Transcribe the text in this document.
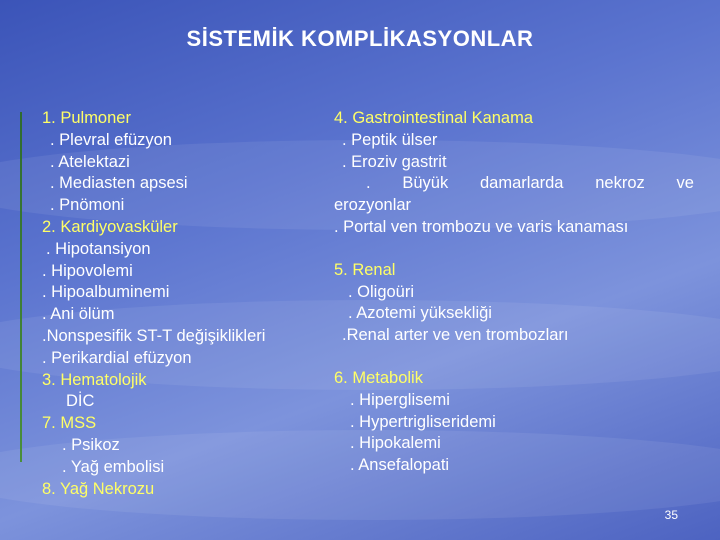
SİSTEMİK KOMPLİKASYONLAR
1. Pulmoner
. Plevral efüzyon
. Atelektazi
. Mediasten apsesi
. Pnömoni
2. Kardiyovasküler
. Hipotansiyon
. Hipovolemi
. Hipoalbuminemi
. Ani ölüm
.Nonspesifik ST-T değişiklikleri
. Perikardial efüzyon
3. Hematolojik
DİC
7. MSS
. Psikoz
. Yağ embolisi
8. Yağ Nekrozu
4. Gastrointestinal Kanama
. Peptik ülser
. Eroziv gastrit
. Büyük damarlarda nekroz ve
erozyonlar
. Portal ven trombozu ve varis kanaması
5. Renal
. Oligoüri
. Azotemi yüksekliği
.Renal arter ve ven trombozları
6. Metabolik
. Hiperglisemi
. Hypertrigliseridemi
. Hipokalemi
. Ansefalopati
35
